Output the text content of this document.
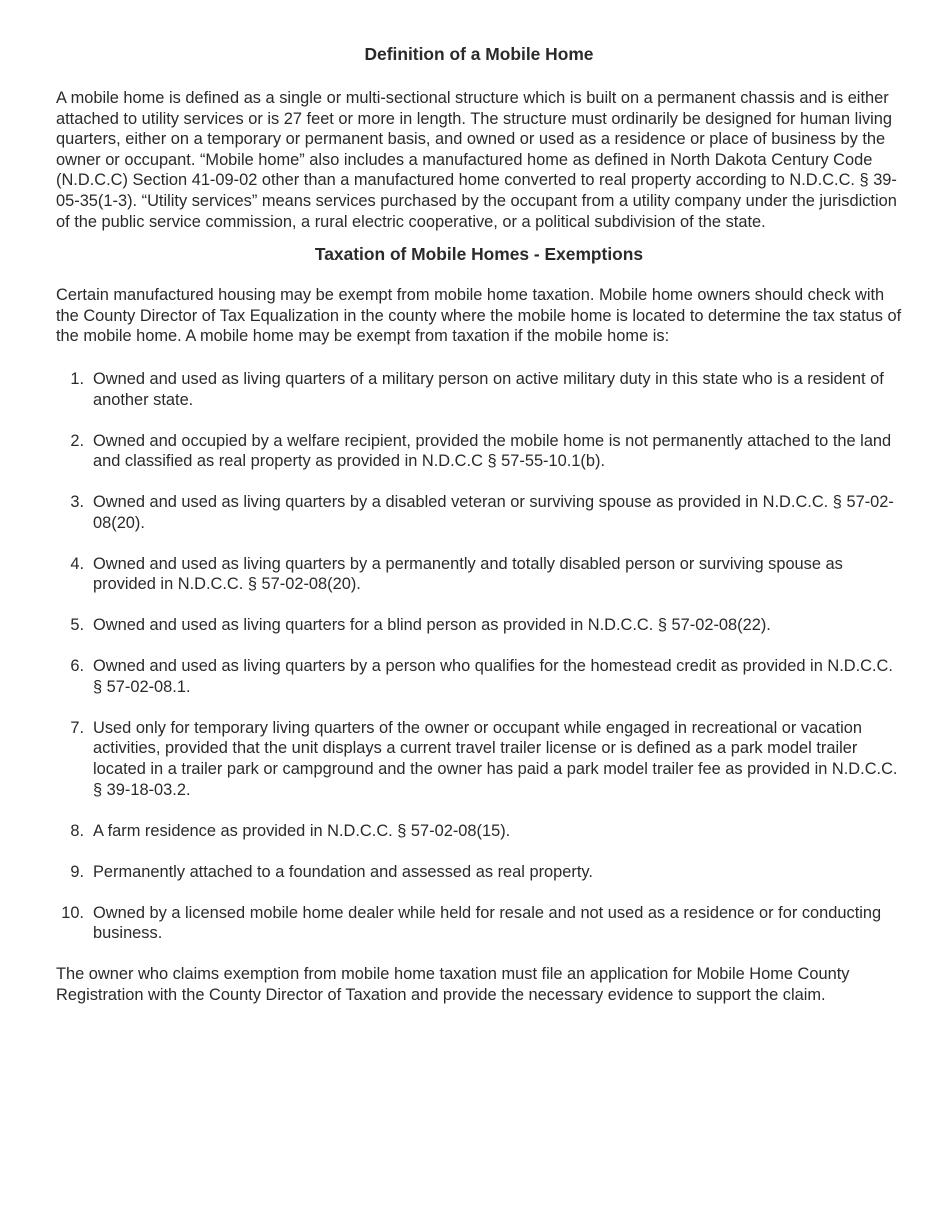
Definition of a Mobile Home

A mobile home is defined as a single or multi-sectional structure which is built on a permanent chassis and is either attached to utility services or is 27 feet or more in length. The structure must ordinarily be designed for human living quarters, either on a temporary or permanent basis, and owned or used as a residence or place of business by the owner or occupant. “Mobile home” also includes a manufactured home as defined in North Dakota Century Code (N.D.C.C) Section 41-09-02 other than a manufactured home converted to real property according to N.D.C.C. § 39-05-35(1-3). “Utility services” means services purchased by the occupant from a utility company under the jurisdiction of the public service commission, a rural electric cooperative, or a political subdivision of the state.

Taxation of Mobile Homes - Exemptions

Certain manufactured housing may be exempt from mobile home taxation. Mobile home owners should check with the County Director of Tax Equalization in the county where the mobile home is located to determine the tax status of the mobile home. A mobile home may be exempt from taxation if the mobile home is:

1. Owned and used as living quarters of a military person on active military duty in this state who is a resident of another state.
2. Owned and occupied by a welfare recipient, provided the mobile home is not permanently attached to the land and classified as real property as provided in N.D.C.C § 57-55-10.1(b).
3. Owned and used as living quarters by a disabled veteran or surviving spouse as provided in N.D.C.C. § 57-02-08(20).
4. Owned and used as living quarters by a permanently and totally disabled person or surviving spouse as provided in N.D.C.C. § 57-02-08(20).
5. Owned and used as living quarters for a blind person as provided in N.D.C.C. § 57-02-08(22).
6. Owned and used as living quarters by a person who qualifies for the homestead credit as provided in N.D.C.C. § 57-02-08.1.
7. Used only for temporary living quarters of the owner or occupant while engaged in recreational or vacation activities, provided that the unit displays a current travel trailer license or is defined as a park model trailer located in a trailer park or campground and the owner has paid a park model trailer fee as provided in N.D.C.C. § 39-18-03.2.
8. A farm residence as provided in N.D.C.C. § 57-02-08(15).
9. Permanently attached to a foundation and assessed as real property.
10. Owned by a licensed mobile home dealer while held for resale and not used as a residence or for conducting business.

The owner who claims exemption from mobile home taxation must file an application for Mobile Home County Registration with the County Director of Taxation and provide the necessary evidence to support the claim.
